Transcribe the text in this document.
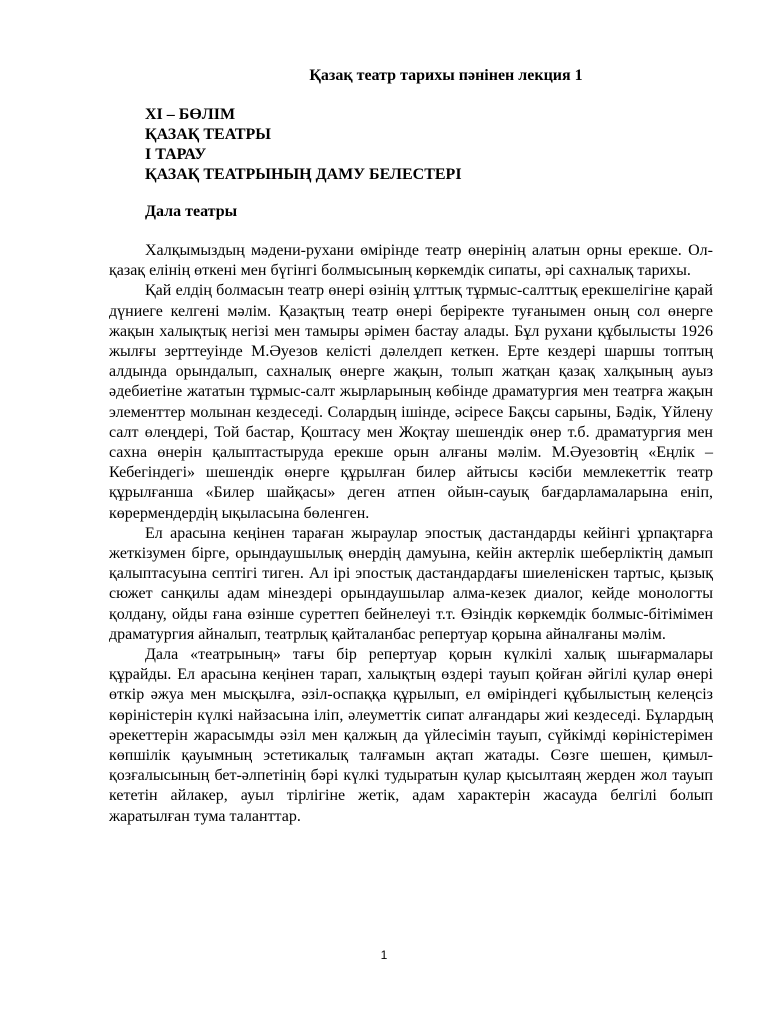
Қазақ театр тарихы пәнінен лекция 1

XI – БӨЛІМ

ҚАЗАҚ ТЕАТРЫ

І ТАРАУ

ҚАЗАҚ ТЕАТРЫНЫҢ ДАМУ БЕЛЕСТЕРІ

Дала театры

Халқымыздың мәдени-рухани өмірінде театр өнерінің алатын орны ерекше. Ол-қазақ елінің өткені мен бүгінгі болмысының көркемдік сипаты, әрі сахналық тарихы.

Қай елдің болмасын театр өнері өзінің ұлттық тұрмыс-салттық ерекшелігіне қарай дүниеге келгені мәлім. Қазақтың театр өнері беріректе туғанымен оның сол өнерге жақын халықтық негізі мен тамыры әрімен бастау алады. Бұл рухани құбылысты 1926 жылғы зерттеуінде М.Әуезов келісті дәлелдеп кеткен. Ерте кездері шаршы топтың алдында орындалып, сахналық өнерге жақын, толып жатқан қазақ халқының ауыз әдебиетіне жататын тұрмыс-салт жырларының көбінде драматургия мен театрға жақын элементтер молынан кездеседі. Солардың ішінде, әсіресе Бақсы сарыны, Бәдік, Үйлену салт өлеңдері, Той бастар, Қоштасу мен Жоқтау шешендік өнер т.б. драматургия мен сахна өнерін қалыптастыруда ерекше орын алғаны мәлім. М.Әуезовтің «Еңлік – Кебегіндегі» шешендік өнерге құрылған билер айтысы кәсіби мемлекеттік театр құрылғанша «Билер шайқасы» деген атпен ойын-сауық бағдарламаларына еніп, көрермендердің ықыласына бөленген.

Ел арасына кеңінен тараған жыраулар эпостық дастандарды кейінгі ұрпақтарға жеткізумен бірге, орындаушылық өнердің дамуына, кейін актерлік шеберліктің дамып қалыптасуына септігі тиген. Ал ірі эпостық дастандардағы шиеленіскен тартыс, қызық сюжет санқилы адам мінездері орындаушылар алма-кезек диалог, кейде монологты қолдану, ойды ғана өзінше суреттеп бейнелеуі т.т. Өзіндік көркемдік болмыс-бітімімен драматургия айналып, театрлық қайталанбас репертуар қорына айналғаны мәлім.

Дала «театрының» тағы бір репертуар қорын күлкілі халық шығармалары құрайды. Ел арасына кеңінен тарап, халықтың өздері тауып қойған әйгілі қулар өнері өткір әжуа мен мысқылға, әзіл-оспаққа құрылып, ел өміріндегі құбылыстың келеңсіз көріністерін күлкі найзасына іліп, әлеуметтік сипат алғандары жиі кездеседі. Бұлардың әрекеттерін жарасымды әзіл мен қалжың да үйлесімін тауып, сүйкімді көріністерімен көпшілік қауымның эстетикалық талғамын ақтап жатады. Сөзге шешен, қимыл-қозғалысының бет-әлпетінің бәрі күлкі тудыратын қулар қысылтаяң жерден жол тауып кететін айлакер, ауыл тірлігіне жетік, адам характерін жасауда белгілі болып жаратылған тума таланттар.

1
